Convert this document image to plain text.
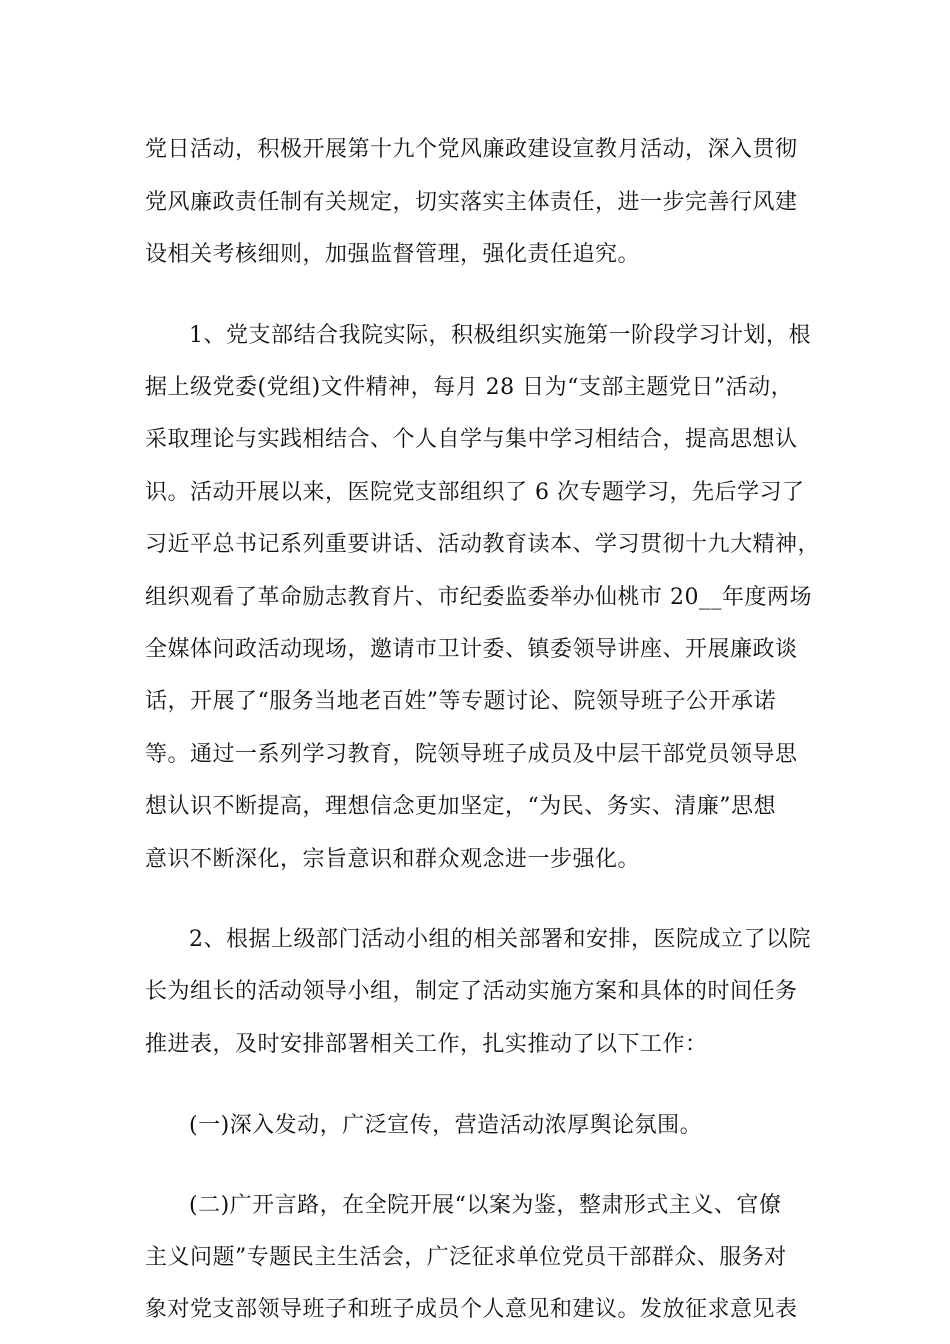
党日活动，积极开展第十九个党风廉政建设宣教月活动，深入贯彻
党风廉政责任制有关规定，切实落实主体责任，进一步完善行风建
设相关考核细则，加强监督管理，强化责任追究。
1、党支部结合我院实际，积极组织实施第一阶段学习计划，根
据上级党委(党组)文件精神，每月 28 日为“支部主题党日”活动，
采取理论与实践相结合、个人自学与集中学习相结合，提高思想认
识。活动开展以来，医院党支部组织了 6 次专题学习，先后学习了
习近平总书记系列重要讲话、活动教育读本、学习贯彻十九大精神，
组织观看了革命励志教育片、市纪委监委举办仙桃市 20__年度两场
全媒体问政活动现场，邀请市卫计委、镇委领导讲座、开展廉政谈
话，开展了“服务当地老百姓”等专题讨论、院领导班子公开承诺
等。通过一系列学习教育，院领导班子成员及中层干部党员领导思
想认识不断提高，理想信念更加坚定，“为民、务实、清廉”思想
意识不断深化，宗旨意识和群众观念进一步强化。
2、根据上级部门活动小组的相关部署和安排，医院成立了以院
长为组长的活动领导小组，制定了活动实施方案和具体的时间任务
推进表，及时安排部署相关工作，扎实推动了以下工作：
(一)深入发动，广泛宣传，营造活动浓厚舆论氛围。
(二)广开言路，在全院开展“以案为鉴，整肃形式主义、官僚
主义问题”专题民主生活会，广泛征求单位党员干部群众、服务对
象对党支部领导班子和班子成员个人意见和建议。发放征求意见表
